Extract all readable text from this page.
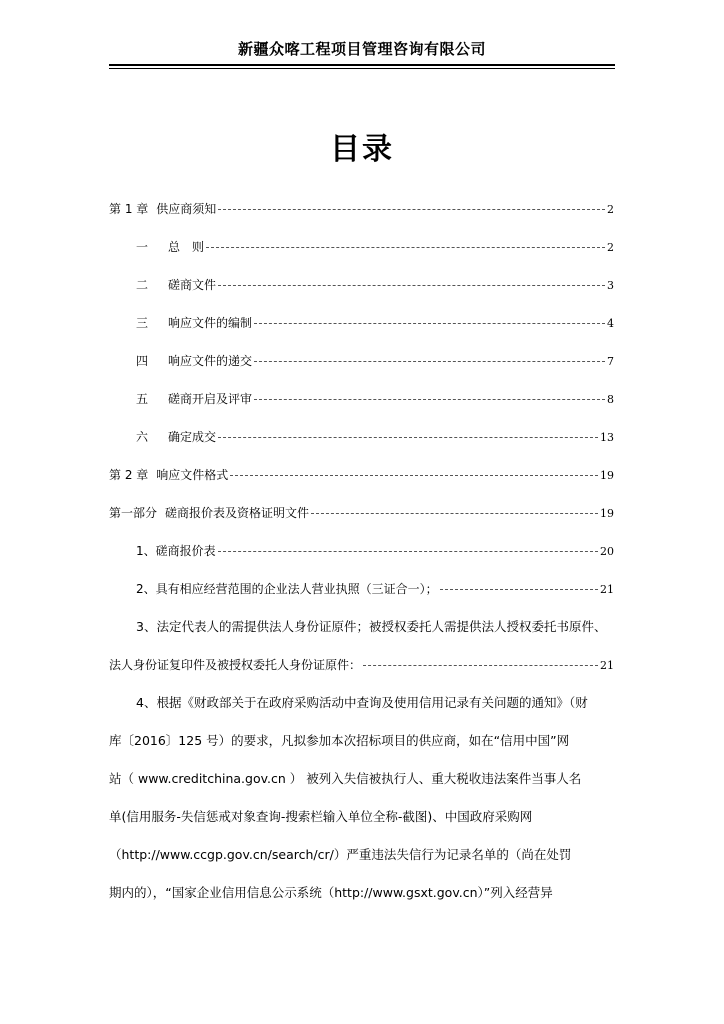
新疆众喀工程项目管理咨询有限公司
目录
第 1 章 供应商须知	2
一	总　则	2
二	磋商文件	3
三	响应文件的编制	4
四	响应文件的递交	7
五	磋商开启及评审	8
六	确定成交	13
第 2 章 响应文件格式	19
第一部分 磋商报价表及资格证明文件	19
1、磋商报价表	20
2、具有相应经营范围的企业法人营业执照（三证合一）；	21
3、法定代表人的需提供法人身份证原件；被授权委托人需提供法人授权委托书原件、
法人身份证复印件及被授权委托人身份证原件：	21
4、根据《财政部关于在政府采购活动中查询及使用信用记录有关问题的通知》（财
库〔2016〕125 号）的要求，凡拟参加本次招标项目的供应商，如在“信用中国”网
站（ www.creditchina.gov.cn ） 被列入失信被执行人、重大税收违法案件当事人名
单(信用服务-失信惩戒对象查询-搜索栏输入单位全称-截图)、中国政府采购网
（http://www.ccgp.gov.cn/search/cr/）严重违法失信行为记录名单的（尚在处罚
期内的），“国家企业信用信息公示系统（http://www.gsxt.gov.cn）”列入经营异
